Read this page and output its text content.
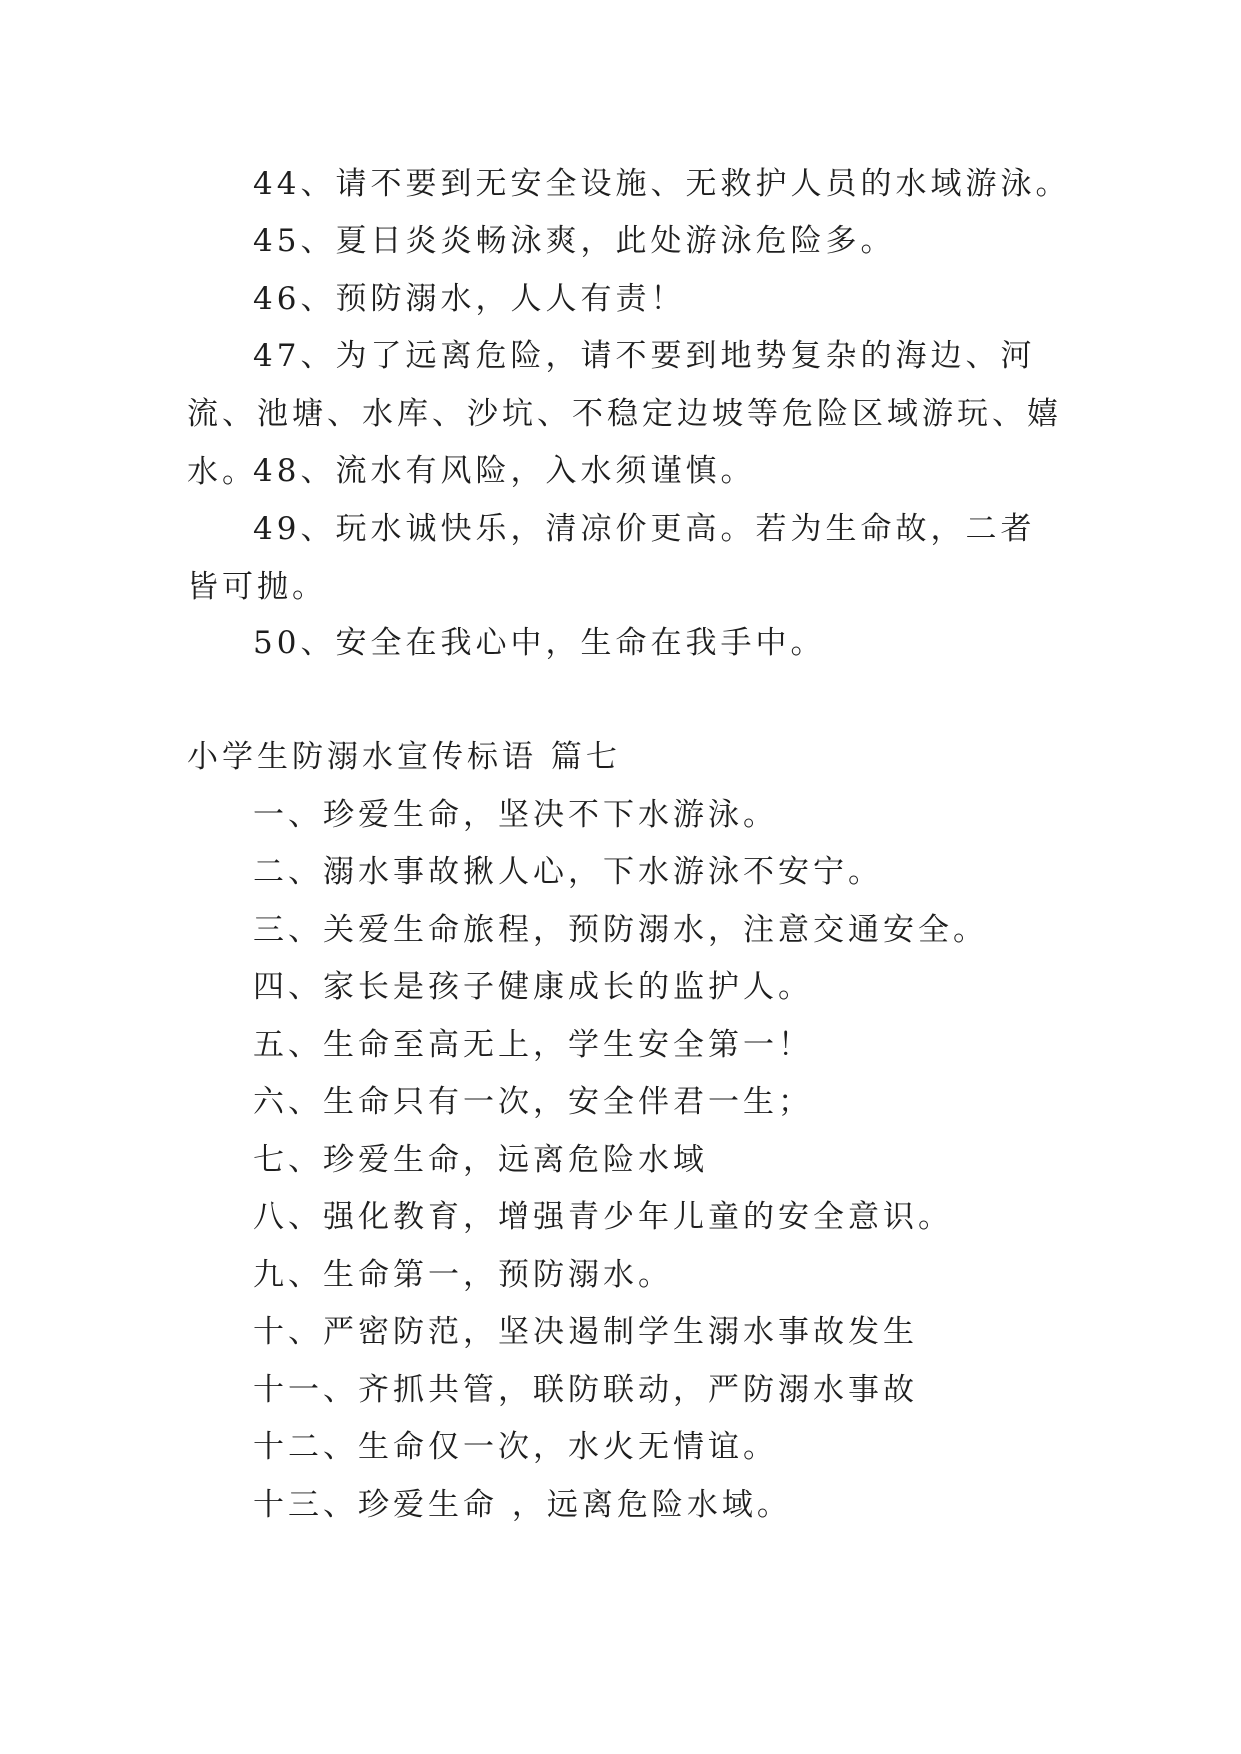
44、请不要到无安全设施、无救护人员的水域游泳。

45、夏日炎炎畅泳爽，此处游泳危险多。

46、预防溺水，人人有责！

47、为了远离危险，请不要到地势复杂的海边、河流、池塘、水库、沙坑、不稳定边坡等危险区域游玩、嬉水。

48、流水有风险，入水须谨慎。

49、玩水诚快乐，清凉价更高。若为生命故，二者皆可抛。

50、安全在我心中，生命在我手中。

小学生防溺水宣传标语 篇七

一、珍爱生命，坚决不下水游泳。

二、溺水事故揪人心，下水游泳不安宁。

三、关爱生命旅程，预防溺水，注意交通安全。

四、家长是孩子健康成长的监护人。

五、生命至高无上，学生安全第一！

六、生命只有一次，安全伴君一生；

七、珍爱生命，远离危险水域

八、强化教育，增强青少年儿童的安全意识。

九、生命第一，预防溺水。

十、严密防范，坚决遏制学生溺水事故发生

十一、齐抓共管，联防联动，严防溺水事故

十二、生命仅一次，水火无情谊。

十三、珍爱生命 ，远离危险水域。
